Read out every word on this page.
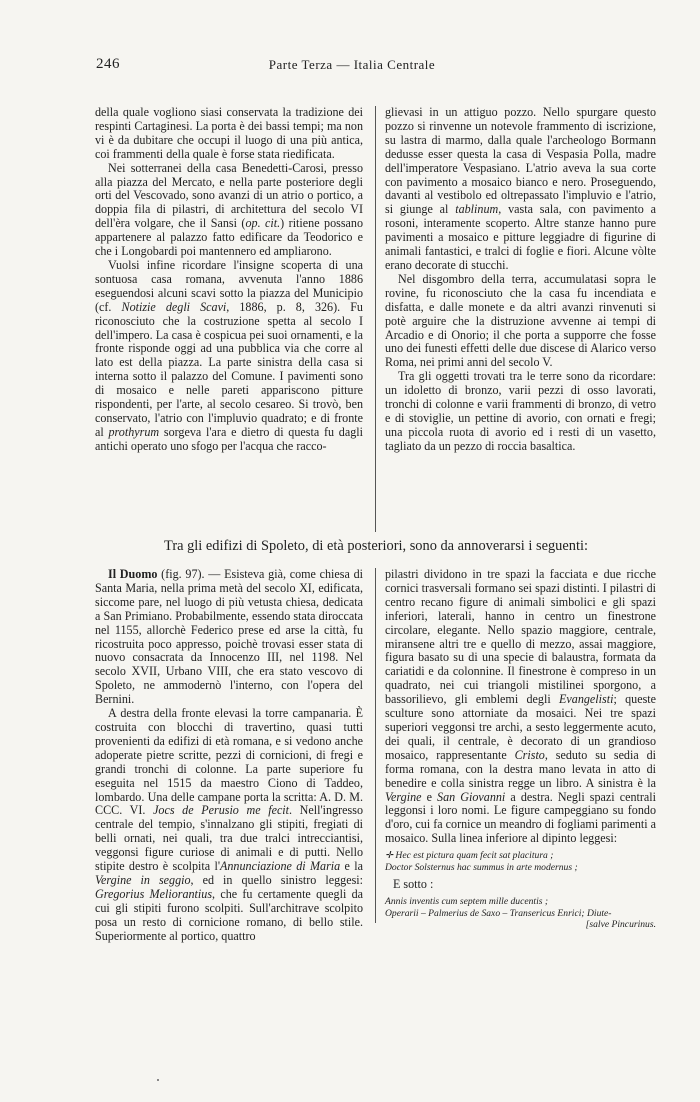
246	Parte Terza — Italia Centrale

della quale vogliono siasi conservata la tradizione dei respinti Cartaginesi. La porta è dei bassi tempi; ma non vi è da dubitare che occupi il luogo di una più antica, coi frammenti della quale è forse stata riedificata.

Nei sotterranei della casa Benedetti-Carosi, presso alla piazza del Mercato, e nella parte posteriore degli orti del Vescovado, sono avanzi di un atrio o portico, a doppia fila di pilastri, di architettura del secolo VI dell'èra volgare, che il Sansi (op. cit.) ritiene possano appartenere al palazzo fatto edificare da Teodorico e che i Longobardi poi mantennero ed ampliarono.

Vuolsi infine ricordare l'insigne scoperta di una sontuosa casa romana, avvenuta l'anno 1886 eseguendosi alcuni scavi sotto la piazza del Municipio (cf. Notizie degli Scavi, 1886, p. 8, 326). Fu riconosciuto che la costruzione spetta al secolo I dell'impero. La casa è cospicua pei suoi ornamenti, e la fronte risponde oggi ad una pubblica via che corre al lato est della piazza. La parte sinistra della casa si interna sotto il palazzo del Comune. I pavimenti sono di mosaico e nelle pareti appariscono pitture rispondenti, per l'arte, al secolo cesareo. Si trovò, ben conservato, l'atrio con l'impluvio quadrato; e di fronte al prothyrum sorgeva l'ara e dietro di questa fu dagli antichi operato uno sfogo per l'acqua che racco-

glievasi in un attiguo pozzo. Nello spurgare questo pozzo si rinvenne un notevole frammento di iscrizione, su lastra di marmo, dalla quale l'archeologo Bormann dedusse esser questa la casa di Vespasia Polla, madre dell'imperatore Vespasiano. L'atrio aveva la sua corte con pavimento a mosaico bianco e nero. Proseguendo, davanti al vestibolo ed oltrepassato l'impluvio e l'atrio, si giunge al tablinum, vasta sala, con pavimento a rosoni, interamente scoperto. Altre stanze hanno pure pavimenti a mosaico e pitture leggiadre di figurine di animali fantastici, e tralci di foglie e fiori. Alcune vòlte erano decorate di stucchi.

Nel disgombro della terra, accumulatasi sopra le rovine, fu riconosciuto che la casa fu incendiata e disfatta, e dalle monete e da altri avanzi rinvenuti si potè arguire che la distruzione avvenne ai tempi di Arcadio e di Onorio; il che porta a supporre che fosse uno dei funesti effetti delle due discese di Alarico verso Roma, nei primi anni del secolo V.

Tra gli oggetti trovati tra le terre sono da ricordare: un idoletto di bronzo, varii pezzi di osso lavorati, tronchi di colonne e varii frammenti di bronzo, di vetro e di stoviglie, un pettine di avorio, con ornati e fregi; una piccola ruota di avorio ed i resti di un vasetto, tagliato da un pezzo di roccia basaltica.

Tra gli edifizi di Spoleto, di età posteriori, sono da annoverarsi i seguenti:

Il Duomo (fig. 97). — Esisteva già, come chiesa di Santa Maria, nella prima metà del secolo XI, edificata, siccome pare, nel luogo di più vetusta chiesa, dedicata a San Primiano. Probabilmente, essendo stata diroccata nel 1155, allorchè Federico prese ed arse la città, fu ricostruita poco appresso, poichè trovasi esser stata di nuovo consacrata da Innocenzo III, nel 1198. Nel secolo XVII, Urbano VIII, che era stato vescovo di Spoleto, ne ammodernò l'interno, con l'opera del Bernini.

A destra della fronte elevasi la torre campanaria. È costruita con blocchi di travertino, quasi tutti provenienti da edifizi di età romana, e si vedono anche adoperate pietre scritte, pezzi di cornicioni, di fregi e grandi tronchi di colonne. La parte superiore fu eseguita nel 1515 da maestro Ciono di Taddeo, lombardo. Una delle campane porta la scritta: A. D. M. CCC. VI. Jocs de Perusio me fecit. Nell'ingresso centrale del tempio, s'innalzano gli stipiti, fregiati di belli ornati, nei quali, tra due tralci intrecciantisi, veggonsi figure curiose di animali e di putti. Nello stipite destro è scolpita l'Annunciazione di Maria e la Vergine in seggio, ed in quello sinistro leggesi: Gregorius Meliorantius, che fu certamente quegli da cui gli stipiti furono scolpiti. Sull'architrave scolpito posa un resto di cornicione romano, di bello stile. Superiormente al portico, quattro

pilastri dividono in tre spazi la facciata e due ricche cornici trasversali formano sei spazi distinti. I pilastri di centro recano figure di animali simbolici e gli spazi inferiori, laterali, hanno in centro un finestrone circolare, elegante. Nello spazio maggiore, centrale, miransene altri tre e quello di mezzo, assai maggiore, figura basato su di una specie di balaustra, formata da cariatidi e da colonnine. Il finestrone è compreso in un quadrato, nei cui triangoli mistilinei sporgono, a bassorilievo, gli emblemi degli Evangelisti; queste sculture sono attorniate da mosaici. Nei tre spazi superiori veggonsi tre archi, a sesto leggermente acuto, dei quali, il centrale, è decorato di un grandioso mosaico, rappresentante Cristo, seduto su sedia di forma romana, con la destra mano levata in atto di benedire e colla sinistra regge un libro. A sinistra è la Vergine e San Giovanni a destra. Negli spazi centrali leggonsi i loro nomi. Le figure campeggiano su fondo d'oro, cui fa cornice un meandro di fogliami parimenti a mosaico. Sulla linea inferiore al dipinto leggesi:

✛ Hec est pictura quam fecit sat placitura ;
Doctor Solsternus hac summus in arte modernus ;
E sotto :
Annis inventis cum septem mille ducentis ;
Operarii – Palmerius de Saxo – Transericus Enrici; Diute-
[salve Pincurinus.
